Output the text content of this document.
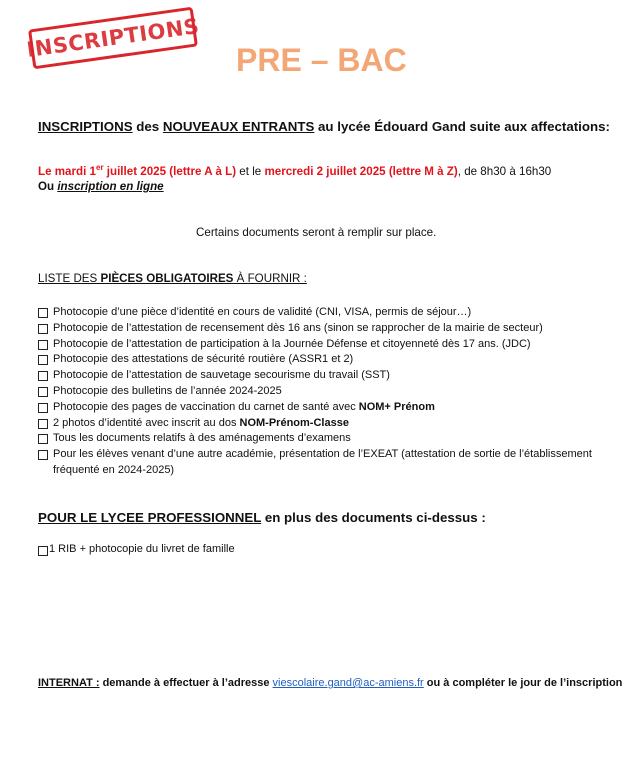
INSCRIPTIONS PRE – BAC
INSCRIPTIONS des NOUVEAUX ENTRANTS au lycée Édouard Gand suite aux affectations:
Le mardi 1er juillet 2025 (lettre A à L) et le mercredi 2 juillet 2025 (lettre M à Z), de 8h30 à 16h30
Ou inscription en ligne
Certains documents seront à remplir sur place.
LISTE DES PIÈCES OBLIGATOIRES À FOURNIR :
Photocopie d’une pièce d’identité en cours de validité (CNI, VISA, permis de séjour…)
Photocopie de l’attestation de recensement dès 16 ans (sinon se rapprocher de la mairie de secteur)
Photocopie de l’attestation de participation à la Journée Défense et citoyenneté dès 17 ans. (JDC)
Photocopie des attestations de sécurité routière (ASSR1 et 2)
Photocopie de l’attestation de sauvetage secourisme du travail (SST)
Photocopie des bulletins de l’année 2024-2025
Photocopie des pages de vaccination du carnet de santé avec NOM+ Prénom
2 photos d’identité avec inscrit au dos NOM-Prénom-Classe
Tous les documents relatifs à des aménagements d’examens
Pour les élèves venant d’une autre académie, présentation de l’EXEAT (attestation de sortie de l’établissement fréquenté en 2024-2025)
POUR LE LYCEE PROFESSIONNEL en plus des documents ci-dessus :
1 RIB + photocopie du livret de famille
INTERNAT : demande à effectuer à l’adresse viescolaire.gand@ac-amiens.fr ou à compléter le jour de l’inscription
